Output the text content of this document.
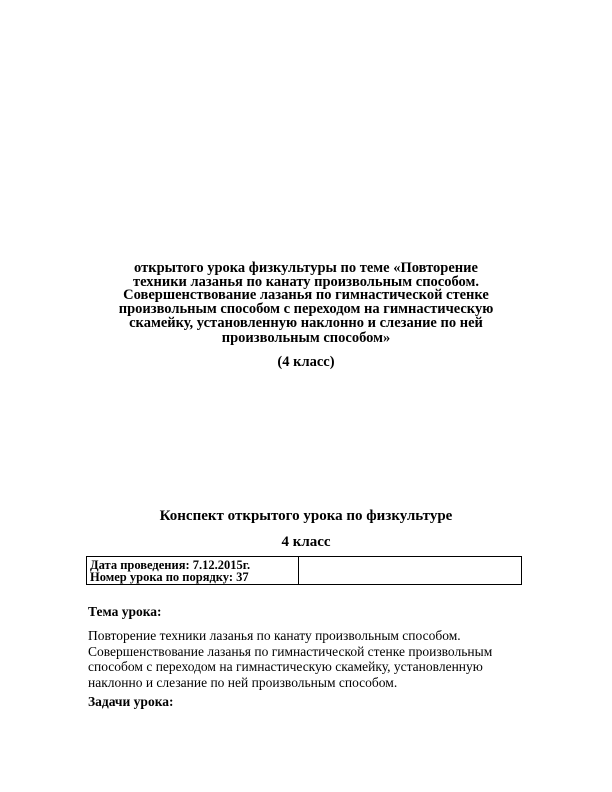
открытого урока физкультуры по теме «Повторение
техники лазанья по канату произвольным способом.
Совершенствование лазанья по гимнастической стенке
произвольным способом с переходом на гимнастическую
скамейку, установленную наклонно и слезание по ней
произвольным способом»

(4 класс)
Конспект открытого урока по физкультуре
4 класс
Дата проведения: 7.12.2015г.
Номер урока по порядку: 37

Тема урока:

Повторение техники лазанья по канату произвольным способом.
Совершенствование лазанья по гимнастической стенке произвольным
способом с переходом на гимнастическую скамейку, установленную
наклонно и слезание по ней произвольным способом.

Задачи урока:
